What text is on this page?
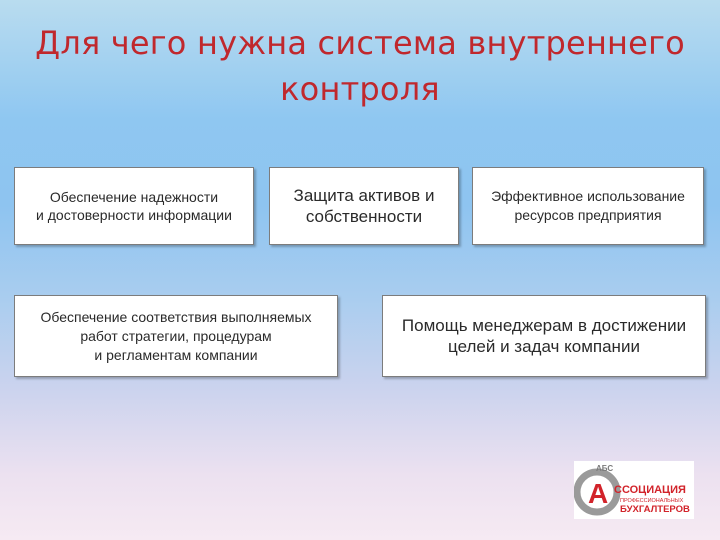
Для чего нужна система внутреннего
контроля
Обеспечение надежности
и достоверности информации
Защита активов и
собственности
Эффективное использование
ресурсов предприятия
Обеспечение соответствия выполняемых
работ стратегии, процедурам
и регламентам компании
Помощь менеджерам в достижении
целей и задач компании
А
АБС
ССОЦИАЦИЯ
ПРОФЕССИОНАЛЬНЫХ
БУХГАЛТЕРОВ
